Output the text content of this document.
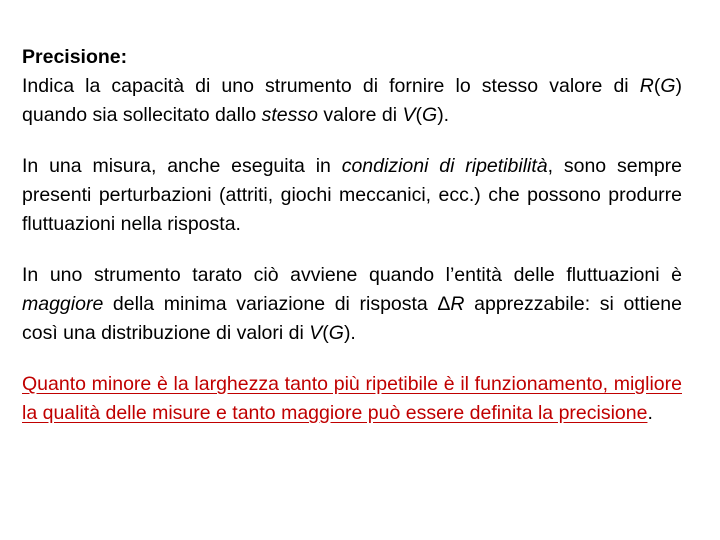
Precisione:

Indica la capacità di uno strumento di fornire lo stesso valore di R(G) quando sia sollecitato dallo stesso valore di V(G).

In una misura, anche eseguita in condizioni di ripetibilità, sono sempre presenti perturbazioni (attriti, giochi meccanici, ecc.) che possono produrre fluttuazioni nella risposta.

In uno strumento tarato ciò avviene quando l’entità delle fluttuazioni è maggiore della minima variazione di risposta ΔR apprezzabile: si ottiene così una distribuzione di valori di V(G).

Quanto minore è la larghezza tanto più ripetibile è il funzionamento, migliore la qualità delle misure e tanto maggiore può essere definita la precisione.
